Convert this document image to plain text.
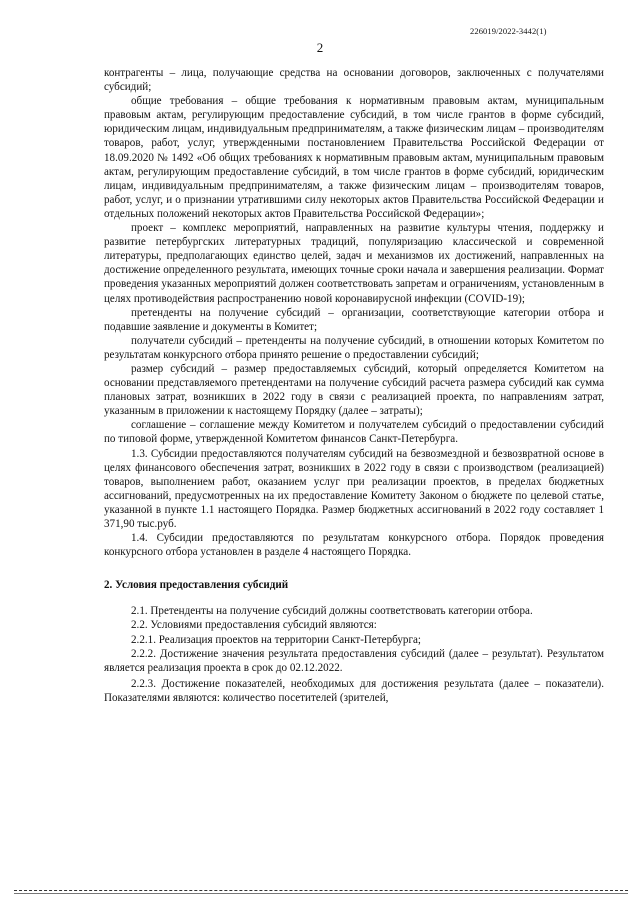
226019/2022-3442(1)
2

контрагенты – лица, получающие средства на основании договоров, заключенных с получателями субсидий;

общие требования – общие требования к нормативным правовым актам, муниципальным правовым актам, регулирующим предоставление субсидий, в том числе грантов в форме субсидий, юридическим лицам, индивидуальным предпринимателям, а также физическим лицам – производителям товаров, работ, услуг, утвержденными постановлением Правительства Российской Федерации от 18.09.2020 № 1492 «Об общих требованиях к нормативным правовым актам, муниципальным правовым актам, регулирующим предоставление субсидий, в том числе грантов в форме субсидий, юридическим лицам, индивидуальным предпринимателям, а также физическим лицам – производителям товаров, работ, услуг, и о признании утратившими силу некоторых актов Правительства Российской Федерации и отдельных положений некоторых актов Правительства Российской Федерации»;

проект – комплекс мероприятий, направленных на развитие культуры чтения, поддержку и развитие петербургских литературных традиций, популяризацию классической и современной литературы, предполагающих единство целей, задач и механизмов их достижений, направленных на достижение определенного результата, имеющих точные сроки начала и завершения реализации. Формат проведения указанных мероприятий должен соответствовать запретам и ограничениям, установленным в целях противодействия распространению новой коронавирусной инфекции (COVID-19);

претенденты на получение субсидий – организации, соответствующие категории отбора и подавшие заявление и документы в Комитет;

получатели субсидий – претенденты на получение субсидий, в отношении которых Комитетом по результатам конкурсного отбора принято решение о предоставлении субсидий;

размер субсидий – размер предоставляемых субсидий, который определяется Комитетом на основании представляемого претендентами на получение субсидий расчета размера субсидий как сумма плановых затрат, возникших в 2022 году в связи с реализацией проекта, по направлениям затрат, указанным в приложении к настоящему Порядку (далее – затраты);

соглашение – соглашение между Комитетом и получателем субсидий о предоставлении субсидий по типовой форме, утвержденной Комитетом финансов Санкт-Петербурга.

1.3. Субсидии предоставляются получателям субсидий на безвозмездной и безвозвратной основе в целях финансового обеспечения затрат, возникших в 2022 году в связи с производством (реализацией) товаров, выполнением работ, оказанием услуг при реализации проектов, в пределах бюджетных ассигнований, предусмотренных на их предоставление Комитету Законом о бюджете по целевой статье, указанной в пункте 1.1 настоящего Порядка. Размер бюджетных ассигнований в 2022 году составляет 1 371,90 тыс.руб.

1.4. Субсидии предоставляются по результатам конкурсного отбора. Порядок проведения конкурсного отбора установлен в разделе 4 настоящего Порядка.

2. Условия предоставления субсидий

2.1. Претенденты на получение субсидий должны соответствовать категории отбора.

2.2. Условиями предоставления субсидий являются:

2.2.1. Реализация проектов на территории Санкт-Петербурга;

2.2.2. Достижение значения результата предоставления субсидий (далее – результат). Результатом является реализация проекта в срок до 02.12.2022.

2.2.3. Достижение показателей, необходимых для достижения результата (далее – показатели). Показателями являются: количество посетителей (зрителей,
